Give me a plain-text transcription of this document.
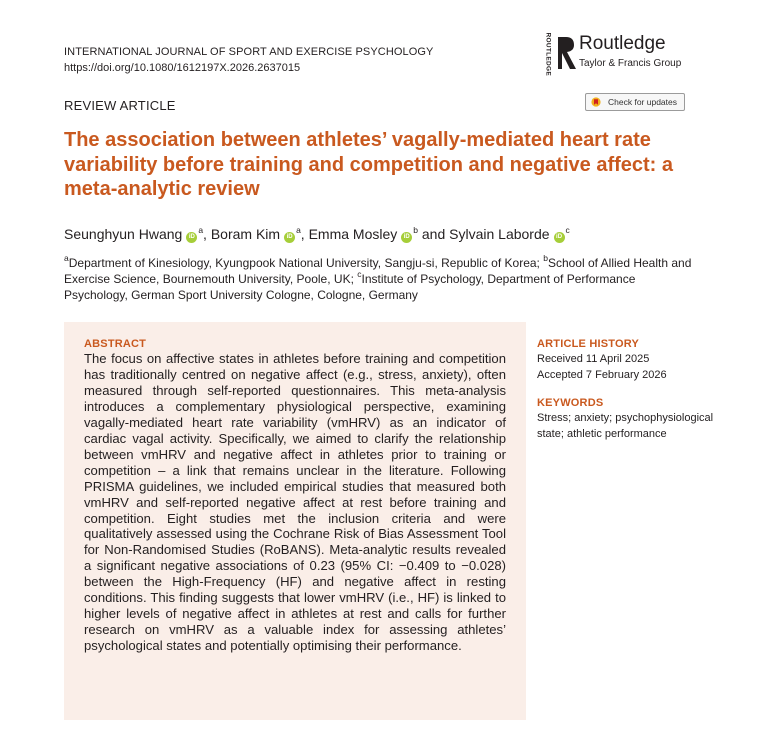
INTERNATIONAL JOURNAL OF SPORT AND EXERCISE PSYCHOLOGY
https://doi.org/10.1080/1612197X.2026.2637015	ROUTLEDGE Routledge
Taylor & Francis Group
REVIEW ARTICLE	Check for updates
The association between athletes’ vagally-mediated heart rate variability before training and competition and negative affect: a meta-analytic review
Seunghyun Hwang $iD^a$, Boram Kim $iD^a$, Emma Mosley $iD^b$ and Sylvain Laborde $iD^c$
$^a$Department of Kinesiology, Kyungpook National University, Sangju-si, Republic of Korea; $^b$School of Allied Health and Exercise Science, Bournemouth University, Poole, UK; $^c$Institute of Psychology, Department of Performance Psychology, German Sport University Cologne, Cologne, Germany
ABSTRACT
The focus on affective states in athletes before training and competition has traditionally centred on negative affect (e.g., stress, anxiety), often measured through self-reported questionnaires. This meta-analysis introduces a complementary physiological perspective, examining vagally-mediated heart rate variability (vmHRV) as an indicator of cardiac vagal activity. Specifically, we aimed to clarify the relationship between vmHRV and negative affect in athletes prior to training or competition – a link that remains unclear in the literature. Following PRISMA guidelines, we included empirical studies that measured both vmHRV and self-reported negative affect at rest before training and competition. Eight studies met the inclusion criteria and were qualitatively assessed using the Cochrane Risk of Bias Assessment Tool for Non-Randomised Studies (RoBANS). Meta-analytic results revealed a significant negative associations of 0.23 (95% CI: −0.409 to −0.028) between the High-Frequency (HF) and negative affect in resting conditions. This finding suggests that lower vmHRV (i.e., HF) is linked to higher levels of negative affect in athletes at rest and calls for further research on vmHRV as a valuable index for assessing athletes’ psychological states and potentially optimising their performance.
ARTICLE HISTORY
Received 11 April 2025
Accepted 7 February 2026
KEYWORDS
Stress; anxiety; psychophysiological state; athletic performance
